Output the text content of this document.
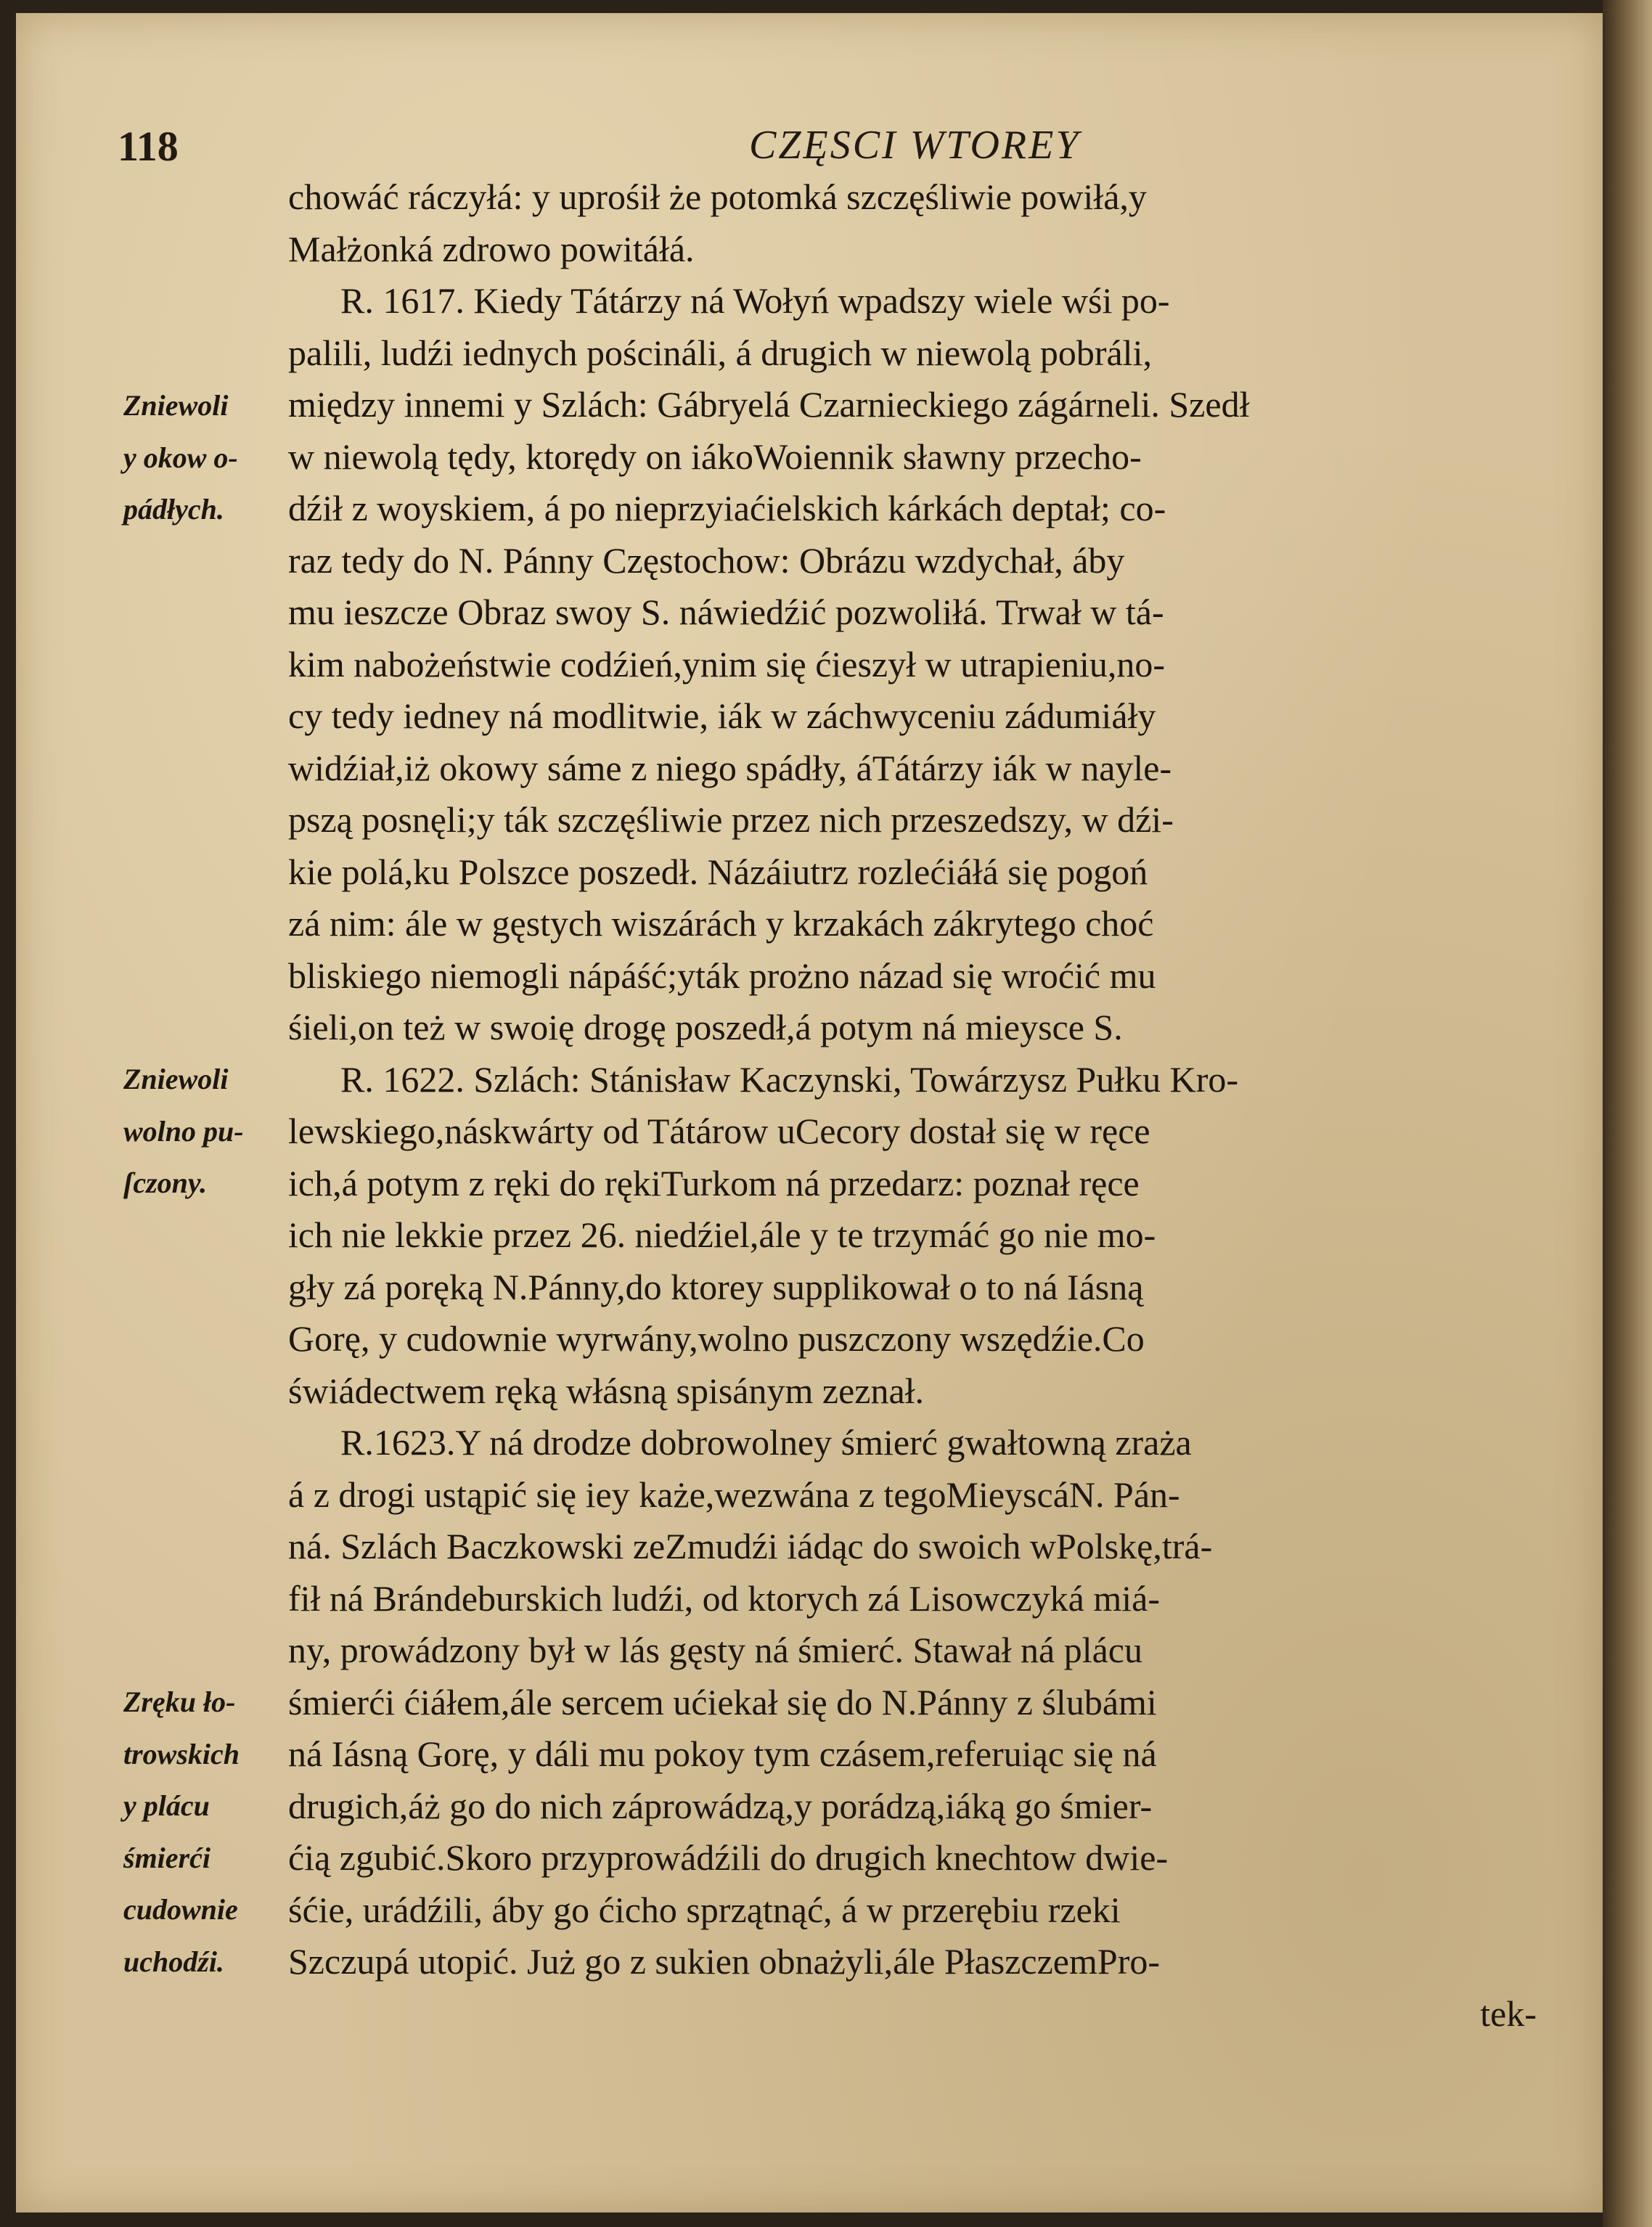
118	CZĘSCI WTOREY
chowáć ráczyłá: y uprośił że potomká szczęśliwie powiłá,y
Małżonká zdrowo powitáłá.
R. 1617. Kiedy Tátárzy ná Wołyń wpadszy wiele wśi po-
palili, ludźi iednych poścináli, á drugich w niewolą pobráli,
między innemi y Szlách: Gábryelá Czarnieckiego zágárneli. Szedł
w niewolą tędy, ktorędy on iákoWoiennik sławny przecho-
dźił z woyskiem, á po nieprzyiaćielskich kárkách deptał; co-
raz tedy do N. Pánny Częstochow: Obrázu wzdychał, áby
mu ieszcze Obraz swoy S. náwiedźić pozwoliłá. Trwał w tá-
kim nabożeństwie codźień,ynim się ćieszył w utrapieniu,no-
cy tedy iedney ná modlitwie, iák w záchwyceniu zádumiáły
widźiał,iż okowy sáme z niego spádły, áTátárzy iák w nayle-
pszą posnęli;y ták szczęśliwie przez nich przeszedszy, w dźi-
kie polá,ku Polszce poszedł. Názáiutrz rozlećiáłá się pogoń
zá nim: ále w gęstych wiszárách y krzakách zákrytego choć
bliskiego niemogli nápáść;yták prożno názad się wroćić mu
śieli,on też w swoię drogę poszedł,á potym ná mieysce S.
R. 1622. Szlách: Stánisław Kaczynski, Towárzysz Pułku Kro-
lewskiego,náskwárty od Tátárow uCecory dostał się w ręce
ich,á potym z ręki do rękiTurkom ná przedarz: poznał ręce
ich nie lekkie przez 26. niedźiel,ále y te trzymáć go nie mo-
gły zá poręką N.Pánny,do ktorey supplikował o to ná Iásną
Gorę, y cudownie wyrwány,wolno puszczony wszędźie.Co
świádectwem ręką włásną spisánym zeznał.
R.1623.Y ná drodze dobrowolney śmierć gwałtowną zraża
á z drogi ustąpić się iey każe,wezwána z tegoMieyscáN. Pán-
ná. Szlách Baczkowski zeZmudźi iádąc do swoich wPolskę,trá-
fił ná Brándeburskich ludźi, od ktorych zá Lisowczyká miá-
ny, prowádzony był w lás gęsty ná śmierć. Stawał ná plácu
śmierći ćiáłem,ále sercem ućiekał się do N.Pánny z ślubámi
ná Iásną Gorę, y dáli mu pokoy tym czásem,referuiąc się ná
drugich,áż go do nich záprowádzą,y porádzą,iáką go śmier-
ćią zgubić.Skoro przyprowádźili do drugich knechtow dwie-
śćie, urádźili, áby go ćicho sprzątnąć, á w przerębiu rzeki
Szczupá utopić. Już go z sukien obnażyli,ále PłaszczemPro-
tek-
Zniewoli
y okow o-
pádłych.
Zniewoli
wolno pu-
ſczony.
Zręku ło-
trowskich
y plácu
śmierći
cudownie
uchodźi.
